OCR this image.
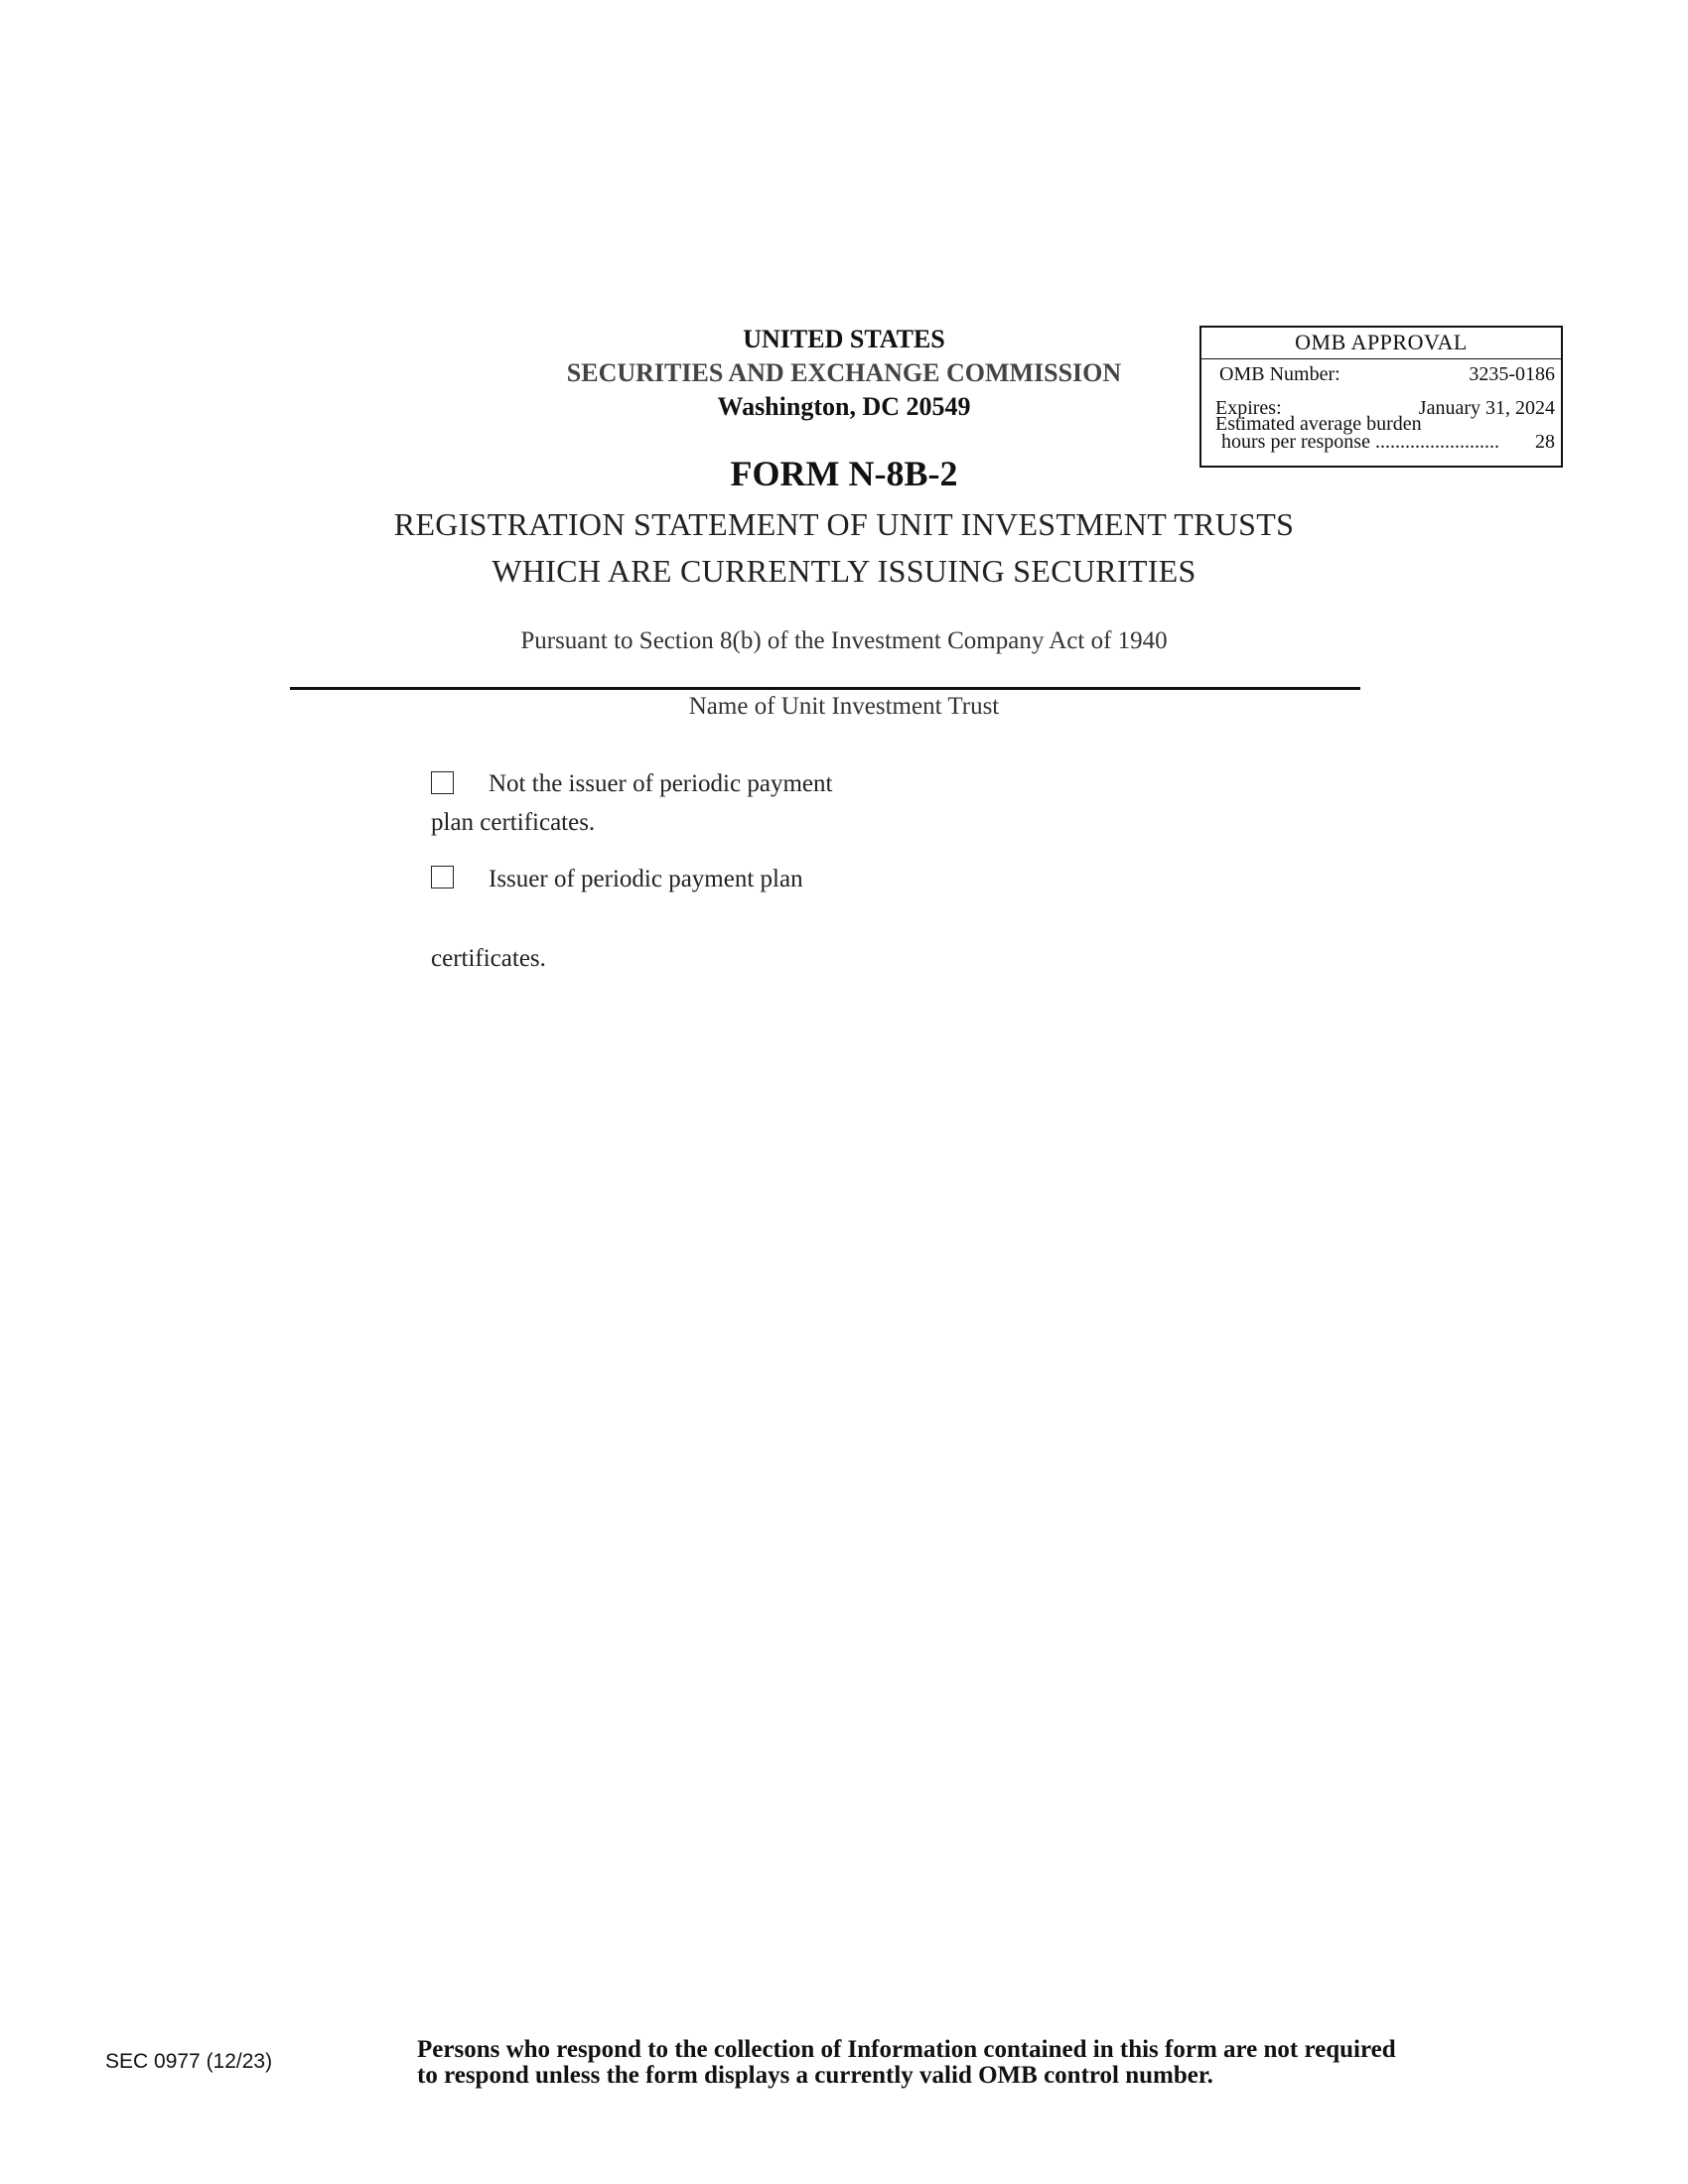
UNITED STATES
SECURITIES AND EXCHANGE COMMISSION
Washington, DC 20549
OMB APPROVAL
OMB Number:	3235-0186
Expires:	January 31, 2024
Estimated average burden
hours per response ......................... 28
FORM N-8B-2
REGISTRATION STATEMENT OF UNIT INVESTMENT TRUSTS
WHICH ARE CURRENTLY ISSUING SECURITIES
Pursuant to Section 8(b) of the Investment Company Act of 1940
Name of Unit Investment Trust
Not the issuer of periodic payment
plan certificates.
Issuer of periodic payment plan
certificates.
SEC 0977 (12/23)	Persons who respond to the collection of Information contained in this form are not required
to respond unless the form displays a currently valid OMB control number.
